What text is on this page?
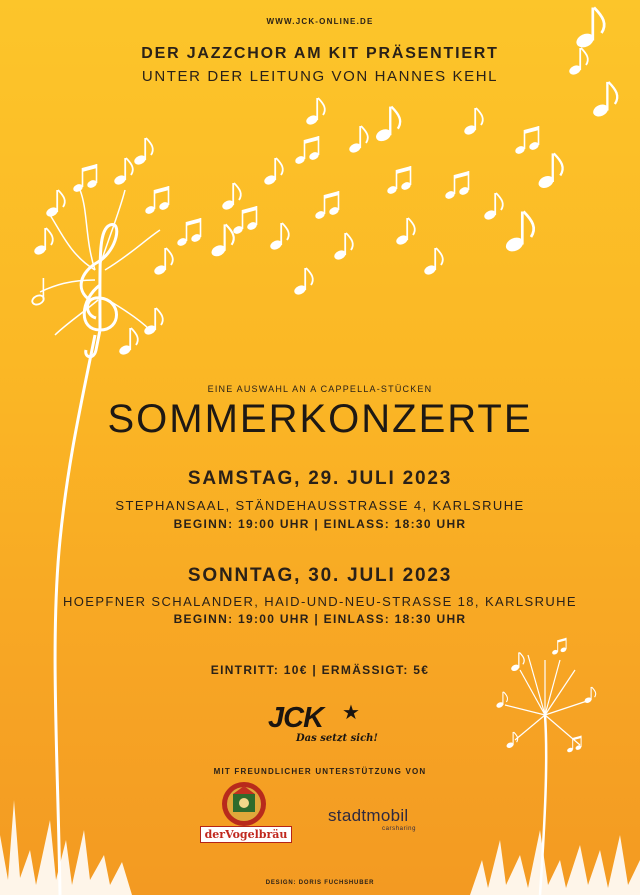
WWW.JCK-ONLINE.DE
DER JAZZCHOR AM KIT PRÄSENTIERT
UNTER DER LEITUNG VON HANNES KEHL
EINE AUSWAHL AN A CAPPELLA-STÜCKEN
SOMMERKONZERTE
SAMSTAG, 29. JULI 2023
STEPHANSAAL, STÄNDEHAUSSTRASSE 4, KARLSRUHE
BEGINN: 19:00 UHR | EINLASS: 18:30 UHR
SONNTAG, 30. JULI 2023
HOEPFNER SCHALANDER, HAID-UND-NEU-STRASSE 18, KARLSRUHE
BEGINN: 19:00 UHR | EINLASS: 18:30 UHR
EINTRITT: 10€ | ERMÄSSIGT: 5€
JCK ★
Das setzt sich!
MIT FREUNDLICHER UNTERSTÜTZUNG VON
derVogelbräu
stadtmobil
carsharing
DESIGN: DORIS FUCHSHUBER
